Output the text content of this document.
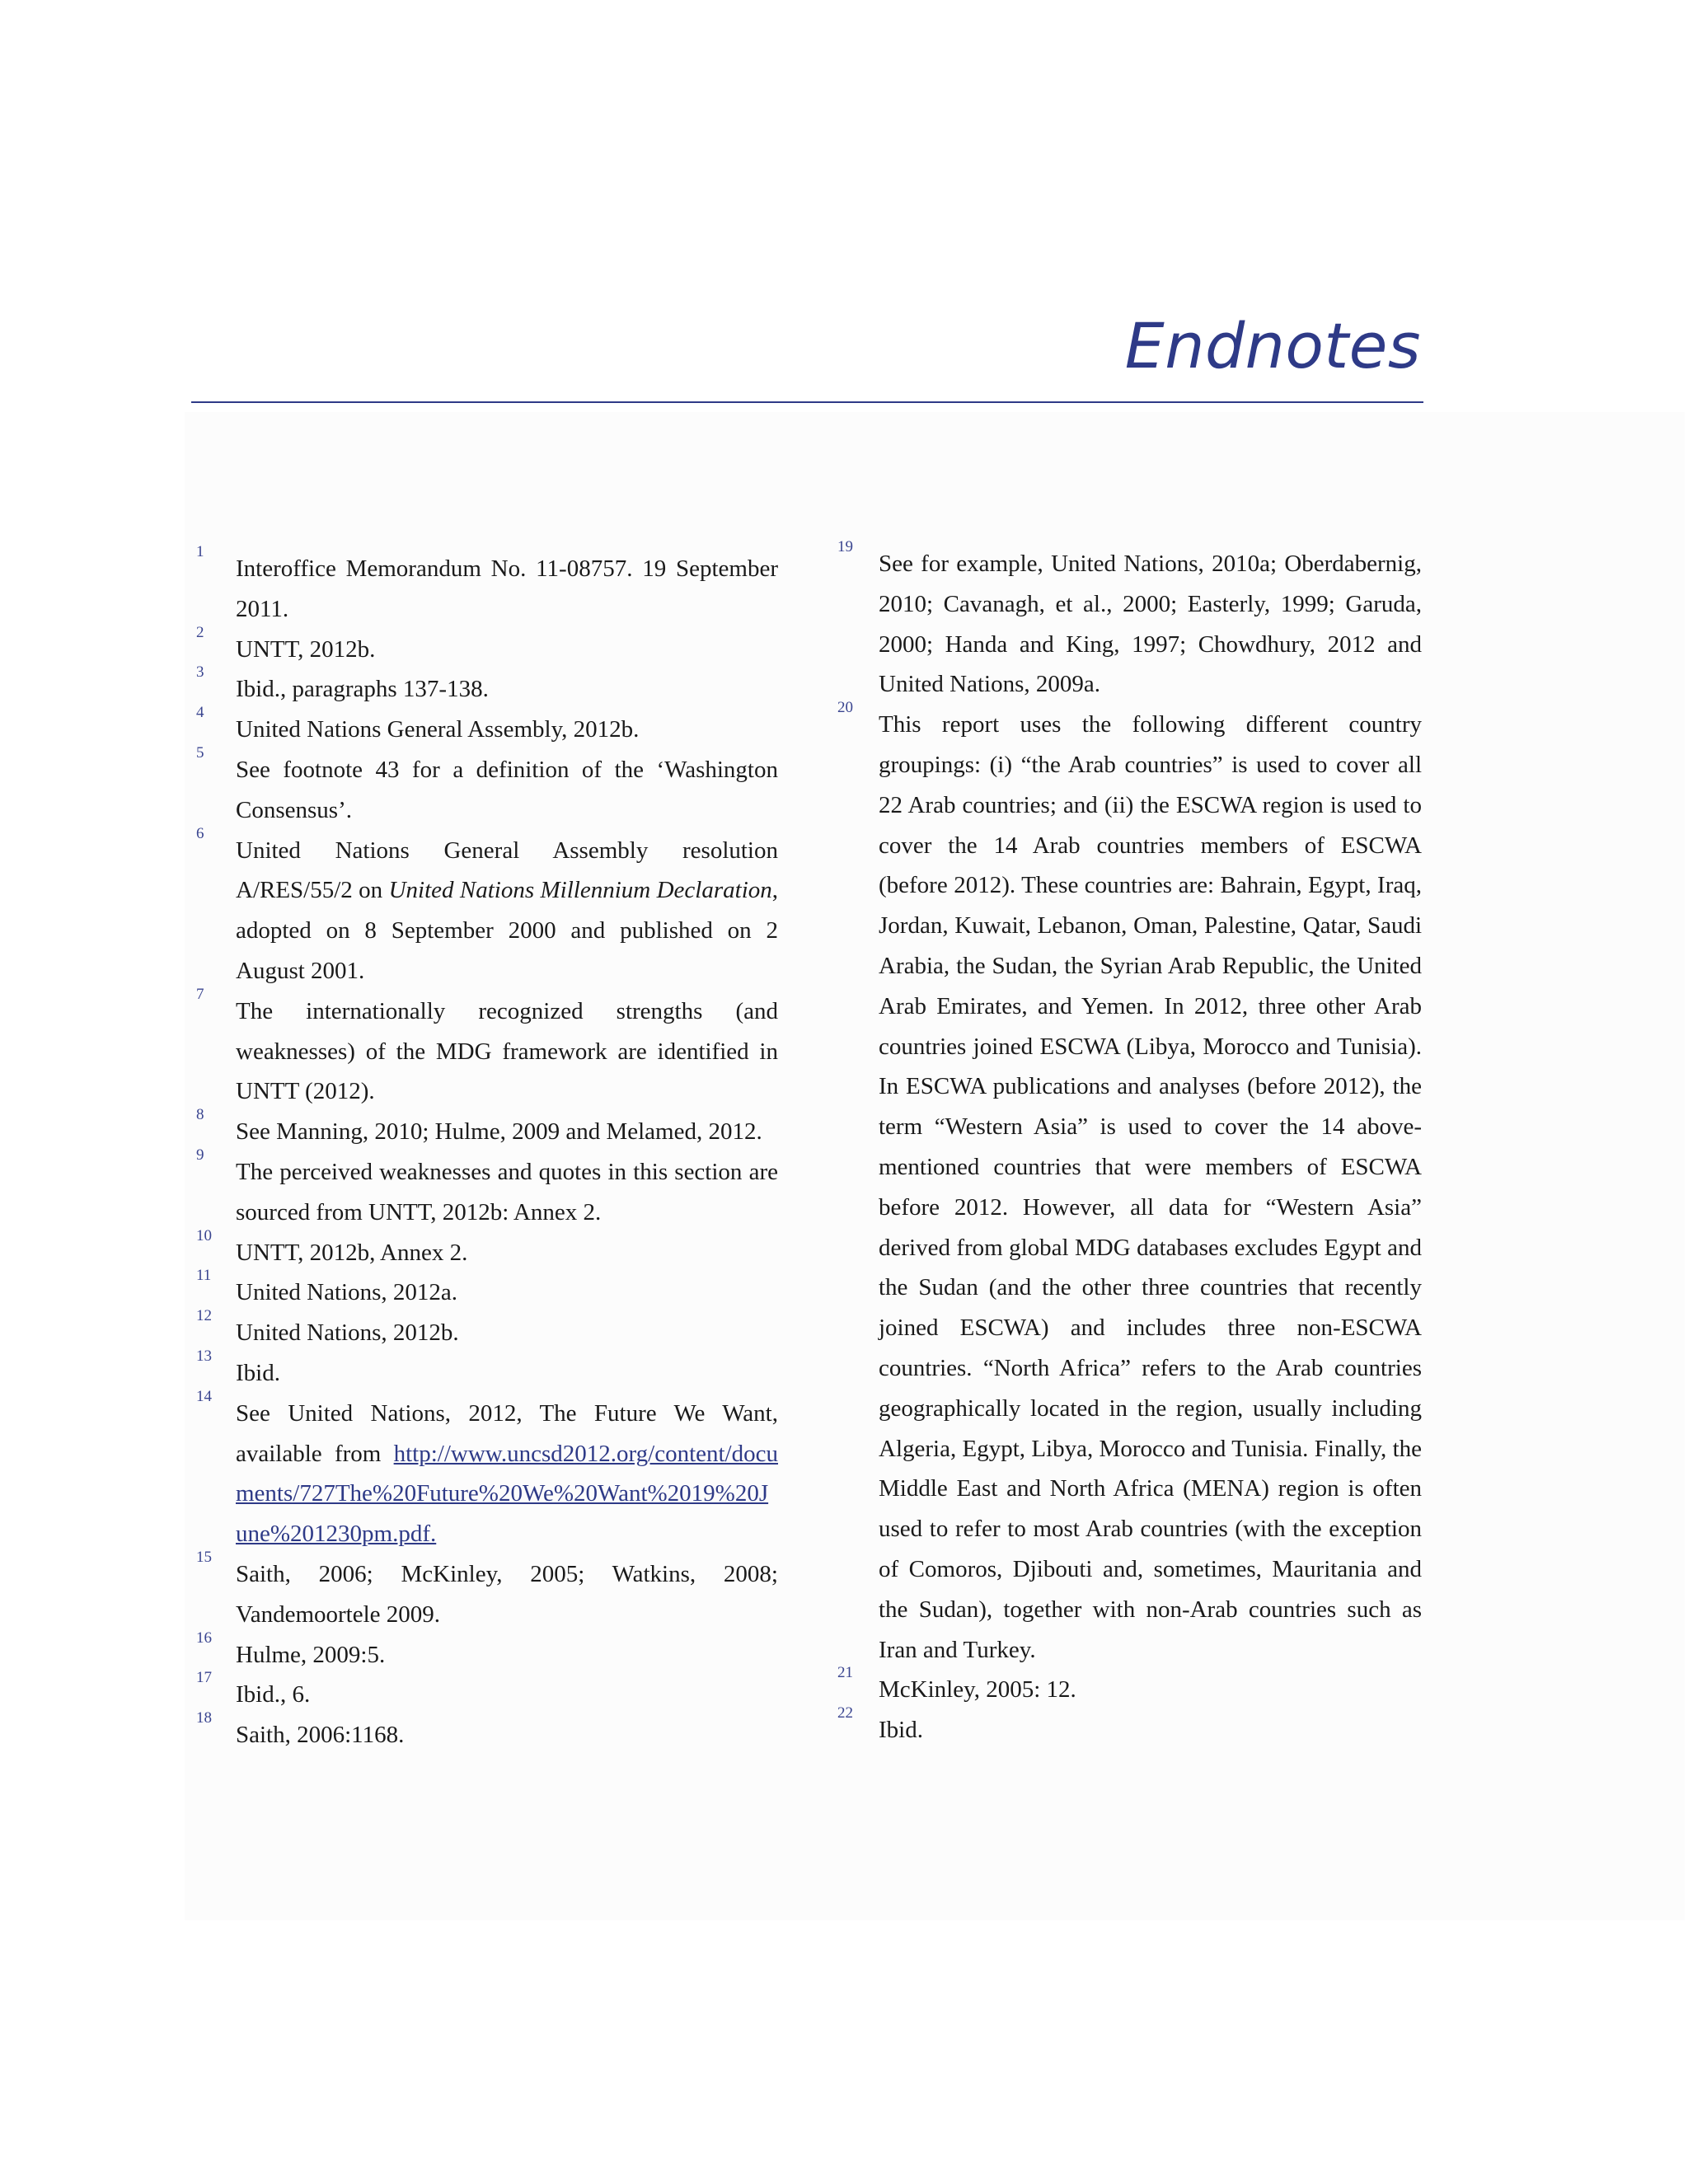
Endnotes

1
Interoffice Memorandum No. 11-08757. 19 September 2011.

2
UNTT, 2012b.

3
Ibid., paragraphs 137-138.

4
United Nations General Assembly, 2012b.

5
See footnote 43 for a definition of the ‘Washington Consensus’.

6
United Nations General Assembly resolution A/RES/55/2 on United Nations Millennium Declaration, adopted on 8 September 2000 and published on 2 August 2001.

7
The internationally recognized strengths (and weaknesses) of the MDG framework are identified in UNTT (2012).

8
See Manning, 2010; Hulme, 2009 and Melamed, 2012.

9
The perceived weaknesses and quotes in this section are sourced from UNTT, 2012b: Annex 2.

10
UNTT, 2012b, Annex 2.

11
United Nations, 2012a.

12
United Nations, 2012b.

13
Ibid.

14
See United Nations, 2012, The Future We Want, available from http://www.uncsd2012.org/content/documents/727The%20Future%20We%20Want%2019%20June%201230pm.pdf.

15
Saith, 2006; McKinley, 2005; Watkins, 2008; Vandemoortele 2009.

16
Hulme, 2009:5.

17
Ibid., 6.

18
Saith, 2006:1168.

19
See for example, United Nations, 2010a; Oberdabernig, 2010; Cavanagh, et al., 2000; Easterly, 1999; Garuda, 2000; Handa and King, 1997; Chowdhury, 2012 and United Nations, 2009a.

20
This report uses the following different country groupings: (i) “the Arab countries” is used to cover all 22 Arab countries; and (ii) the ESCWA region is used to cover the 14 Arab countries members of ESCWA (before 2012). These countries are: Bahrain, Egypt, Iraq, Jordan, Kuwait, Lebanon, Oman, Palestine, Qatar, Saudi Arabia, the Sudan, the Syrian Arab Republic, the United Arab Emirates, and Yemen. In 2012, three other Arab countries joined ESCWA (Libya, Morocco and Tunisia). In ESCWA publications and analyses (before 2012), the term “Western Asia” is used to cover the 14 above-mentioned countries that were members of ESCWA before 2012. However, all data for “Western Asia” derived from global MDG databases excludes Egypt and the Sudan (and the other three countries that recently joined ESCWA) and includes three non-ESCWA countries. “North Africa” refers to the Arab countries geographically located in the region, usually including Algeria, Egypt, Libya, Morocco and Tunisia. Finally, the Middle East and North Africa (MENA) region is often used to refer to most Arab countries (with the exception of Comoros, Djibouti and, sometimes, Mauritania and the Sudan), together with non-Arab countries such as Iran and Turkey.

21
McKinley, 2005: 12.

22
Ibid.
